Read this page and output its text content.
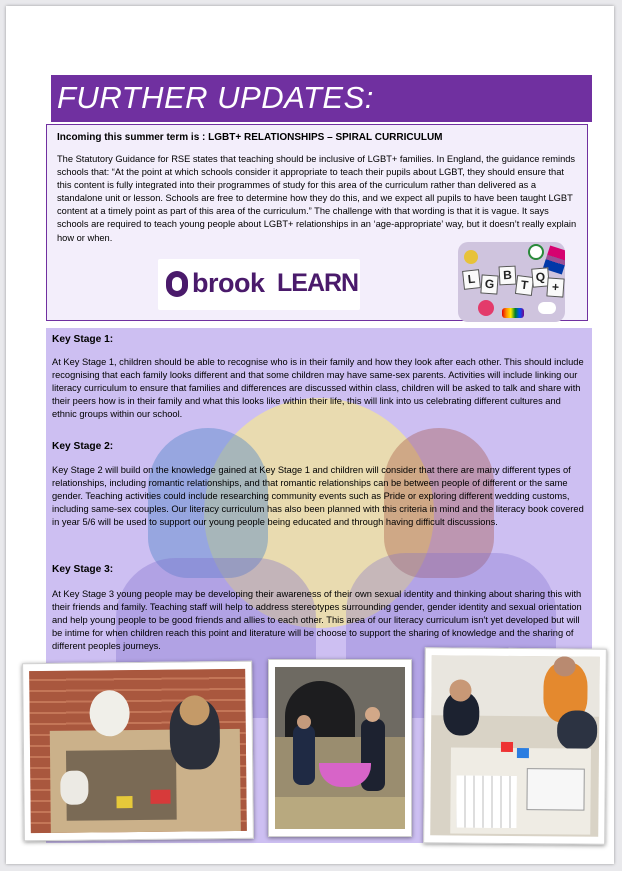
FURTHER UPDATES:
Incoming this summer term is : LGBT+ RELATIONSHIPS – SPIRAL CURRICULUM

The Statutory Guidance for RSE states that teaching should be inclusive of LGBT+ families. In England, the guidance reminds schools that: “At the point at which schools consider it appropriate to teach their pupils about LGBT, they should ensure that this content is fully integrated into their programmes of study for this area of the curriculum rather than delivered as a standalone unit or lesson. Schools are free to determine how they do this, and we expect all pupils to have been taught LGBT content at a timely point as part of this area of the curriculum.” The challenge with that wording is that it is vague. It says schools are required to teach young people about LGBT+ relationships in an ‘age-appropriate’ way, but it doesn’t really explain how or when.

brook LEARN	L G
B
T
Q
+
Key Stage 1:

At Key Stage 1, children should be able to recognise who is in their family and how they look after each other. This should include recognising that each family looks different and that some children may have same-sex parents. Activities will include linking our literacy curriculum to ensure that families and differences are discussed within class, children will be asked to talk and share with their peers how is in their family and what this looks like within their life, this will link into us celebrating different cultures and ethnic groups within our school.

Key Stage 2:

Key Stage 2 will build on the knowledge gained at Key Stage 1 and children will consider that there are many different types of relationships, including romantic relationships, and that romantic relationships can be between people of different or the same gender. Teaching activities could include researching community events such as Pride or exploring different wedding customs, including same-sex couples. Our literacy curriculum has also been planned with this criteria in mind and the literacy book covered in year 5/6 will be used to support our young people being educated and through having difficult discussions.

Key Stage 3:

At Key Stage 3 young people may be developing their awareness of their own sexual identity and thinking about sharing this with their friends and family. Teaching staff will help to address stereotypes surrounding gender, gender identity and sexual orientation and help young people to be good friends and allies to each other. This area of our literacy curriculum isn’t yet developed but will be intime for when children reach this point and literature will be choose to support the sharing of knowledge and the sharing of different peoples journeys.
